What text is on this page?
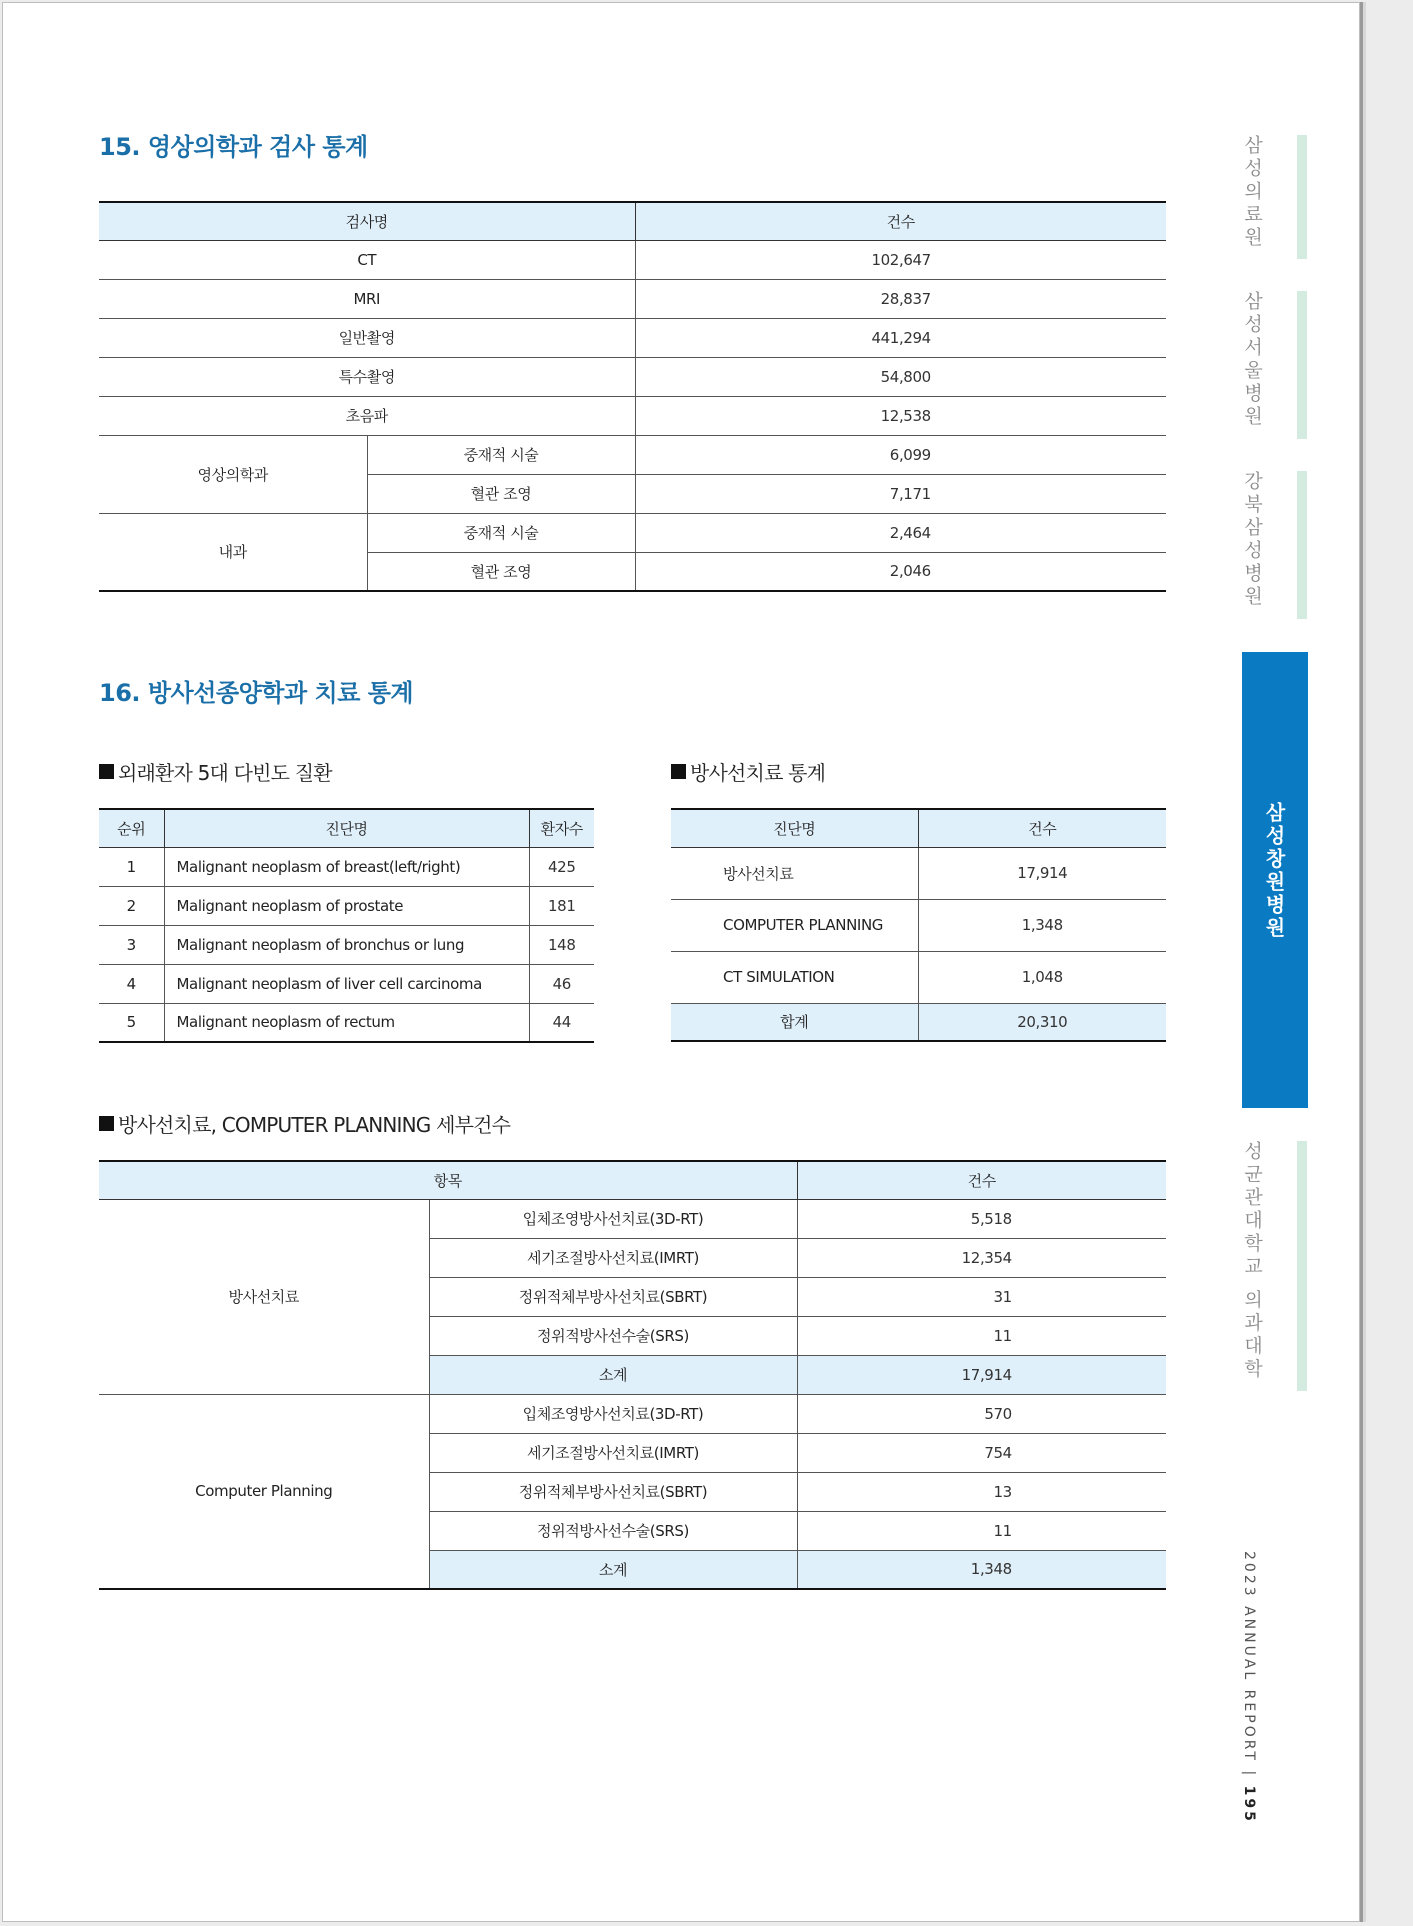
15. 영상의학과 검사 통계
검사명		건수
CT		102,647
MRI		28,837
일반촬영		441,294
특수촬영		54,800
초음파		12,538
영상의학과	중재적 시술	6,099
	혈관 조영	7,171
내과	중재적 시술	2,464
	혈관 조영	2,046
16. 방사선종양학과 치료 통계
외래환자 5대 다빈도 질환
순위	진단명	환자수
1	Malignant neoplasm of breast(left/right)	425
2	Malignant neoplasm of prostate	181
3	Malignant neoplasm of bronchus or lung	148
4	Malignant neoplasm of liver cell carcinoma	46
5	Malignant neoplasm of rectum	44
방사선치료 통계
진단명	건수
방사선치료	17,914
COMPUTER PLANNING	1,348
CT SIMULATION	1,048
합계	20,310
방사선치료, COMPUTER PLANNING 세부건수
항목		건수
방사선치료	입체조영방사선치료(3D-RT)	5,518
	세기조절방사선치료(IMRT)	12,354
	정위적체부방사선치료(SBRT)	31
	정위적방사선수술(SRS)	11
	소계	17,914
Computer Planning	입체조영방사선치료(3D-RT)	570
	세기조절방사선치료(IMRT)	754
	정위적체부방사선치료(SBRT)	13
	정위적방사선수술(SRS)	11
	소계	1,348
삼성의료원
삼성서울병원
강북삼성병원
삼성창원병원
성균관대학교 의과대학
2023 ANNUAL REPORT | 195
